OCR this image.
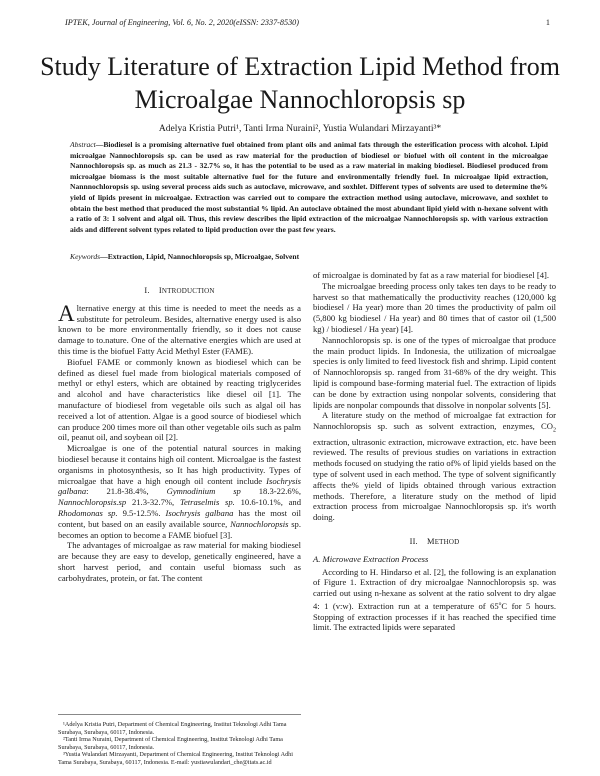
IPTEK, Journal of Engineering, Vol. 6, No. 2, 2020(eISSN: 2337-8530)	1
Study Literature of Extraction Lipid Method from
Microalgae Nannochloropsis sp
Adelya Kristia Putri¹, Tanti Irma Nuraini², Yustia Wulandari Mirzayanti³*
Abstract—Biodiesel is a promising alternative fuel obtained from plant oils and animal fats through the esterification process with alcohol. Lipid microalgae Nannochloropsis sp. can be used as raw material for the production of biodiesel or biofuel with oil content in the microalgae Nannochloropsis sp. as much as 21.3 - 32.7% so, it has the potential to be used as a raw material in making biodiesel. Biodiesel produced from microalgae biomass is the most suitable alternative fuel for the future and environmentally friendly fuel. In microalgae lipid extraction, Nannnochloropsis sp. using several process aids such as autoclave, microwave, and soxhlet. Different types of solvents are used to determine the% yield of lipids present in microalgae. Extraction was carried out to compare the extraction method using autoclave, microwave, and soxhlet to obtain the best method that produced the most substantial % lipid. An autoclave obtained the most abundant lipid yield with n-hexane solvent with a ratio of 3: 1 solvent and algal oil. Thus, this review describes the lipid extraction of the microalgae Nannochloropsis sp. with various extraction aids and different solvent types related to lipid production over the past few years.
Keywords—Extraction, Lipid, Nannochloropsis sp, Microalgae, Solvent
I. INTRODUCTION

Alternative energy at this time is needed to meet the needs as a substitute for petroleum. Besides, alternative energy used is also known to be more environmentally friendly, so it does not cause damage to to.nature. One of the alternative energies which are used at this time is the biofuel Fatty Acid Methyl Ester (FAME).

Biofuel FAME or commonly known as biodiesel which can be defined as diesel fuel made from biological materials composed of methyl or ethyl esters, which are obtained by reacting triglycerides and alcohol and have characteristics like diesel oil [1]. The manufacture of biodiesel from vegetable oils such as algal oil has received a lot of attention. Algae is a good source of biodiesel which can produce 200 times more oil than other vegetable oils such as palm oil, peanut oil, and soybean oil [2].

Microalgae is one of the potential natural sources in making biodiesel because it contains high oil content. Microalgae is the fastest organisms in photosynthesis, so It has high productivity. Types of microalgae that have a high enough oil content include Isochrysis galbana: 21.8-38.4%, Gymnodinium sp 18.3-22.6%, Nannochloropsis.sp 21.3-32.7%, Tetraselmis sp. 10.6-10.1%, and Rhodomonas sp. 9.5-12.5%. Isochrysis galbana has the most oil content, but based on an easily available source, Nannochloropsis sp. becomes an option to become a FAME biofuel [3].

The advantages of microalgae as raw material for making biodiesel are because they are easy to develop, genetically engineered, have a short harvest period, and contain useful biomass such as carbohydrates, protein, or fat. The content

of microalgae is dominated by fat as a raw material for biodiesel [4].

The microalgae breeding process only takes ten days to be ready to harvest so that mathematically the productivity reaches (120,000 kg biodiesel / Ha year) more than 20 times the productivity of palm oil (5,800 kg biodiesel / Ha year) and 80 times that of castor oil (1,500 kg) / biodiesel / Ha year) [4].

Nannochloropsis sp. is one of the types of microalgae that produce the main product lipids. In Indonesia, the utilization of microalgae species is only limited to feed livestock fish and shrimp. Lipid content of Nannochloropsis sp. ranged from 31-68% of the dry weight. This lipid is compound base-forming material fuel. The extraction of lipids can be done by extraction using nonpolar solvents, considering that lipids are nonpolar compounds that dissolve in nonpolar solvents [5].

A literature study on the method of microalgae fat extraction for Nannochloropsis sp. such as solvent extraction, enzymes, $CO_2$ extraction, ultrasonic extraction, microwave extraction, etc. have been reviewed. The results of previous studies on variations in extraction methods focused on studying the ratio of% of lipid yields based on the type of solvent used in each method. The type of solvent significantly affects the% yield of lipids obtained through various extraction methods. Therefore, a literature study on the method of lipid extraction process from microalgae Nannochloropsis sp. it's worth doing.

II. METHOD
A. Microwave Extraction Process

According to H. Hindarso et al. [2], the following is an explanation of Figure 1. Extraction of dry microalgae Nannochloropsis sp. was carried out using n-hexane as solvent at the ratio solvent to dry algae 4: 1 (v:w). Extraction run at a temperature of 65$^o$C for 5 hours. Stopping of extraction processes if it has reached the specified time limit. The extracted lipids were separated

¹Adelya Kristia Putri, Department of Chemical Engineering, Institut Teknologi Adhi Tama Surabaya, Surabaya, 60117, Indonesia.

²Tanti Irma Nuraini, Department of Chemical Engineering, Institut Teknologi Adhi Tama Surabaya, Surabaya, 60117, Indonesia.

³Yustia Wulandari Mirzayanti, Department of Chemical Engineering, Institut Teknologi Adhi Tama Surabaya, Surabaya, 60117, Indonesia. E-mail: yustiawulandari_che@itats.ac.id
